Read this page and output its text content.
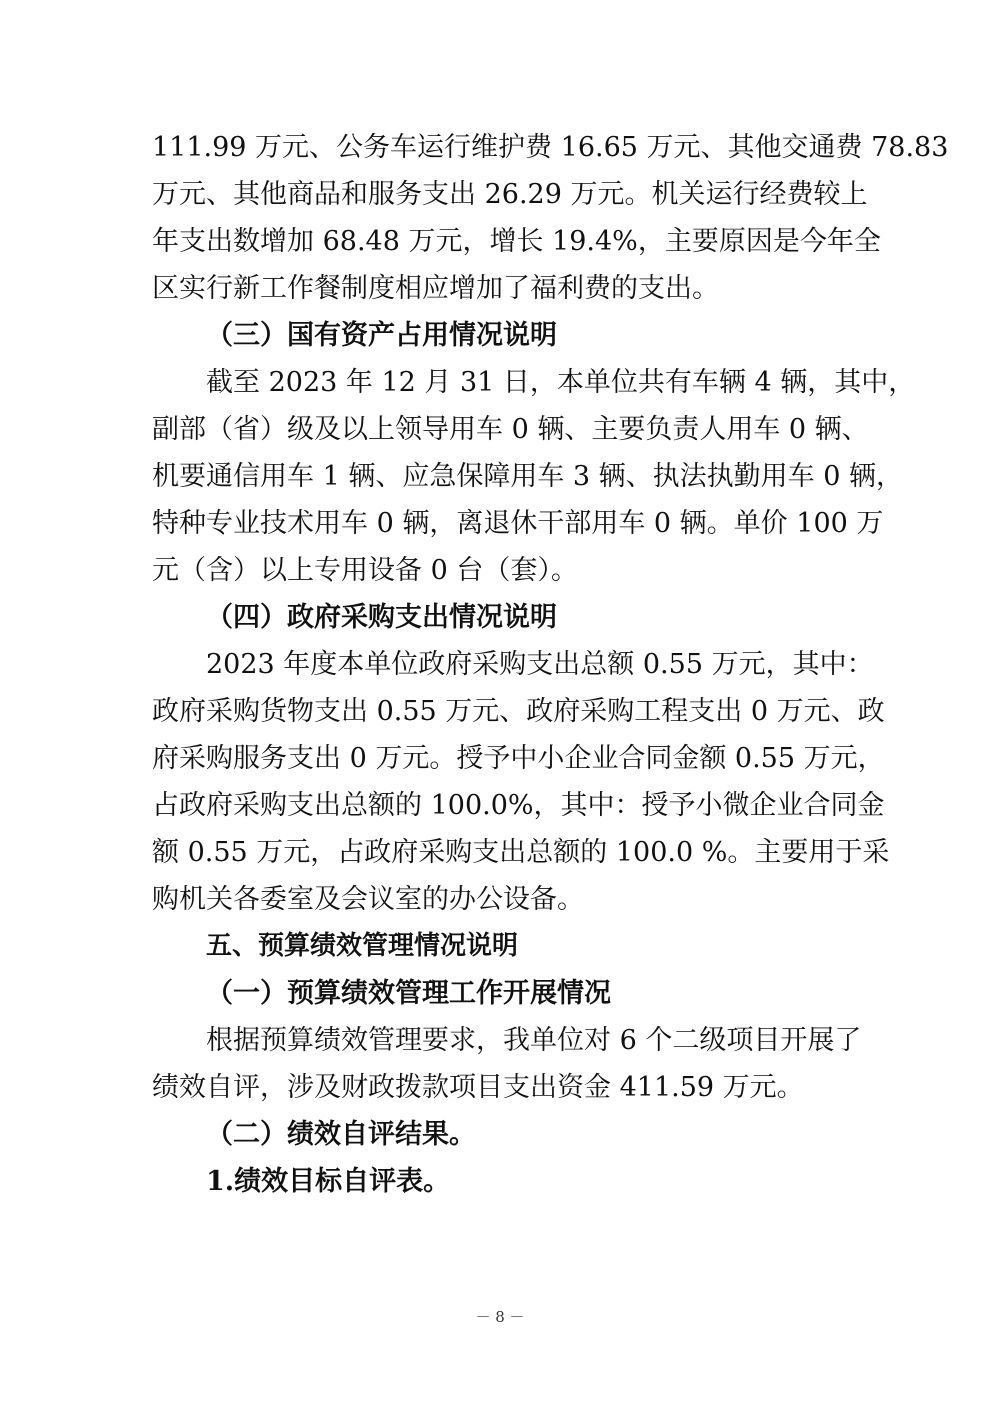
111.99 万元、公务车运行维护费 16.65 万元、其他交通费 78.83
万元、其他商品和服务支出 26.29 万元。机关运行经费较上
年支出数增加 68.48 万元，增长 19.4%，主要原因是今年全
区实行新工作餐制度相应增加了福利费的支出。
（三）国有资产占用情况说明
截至 2023 年 12 月 31 日，本单位共有车辆 4 辆，其中，
副部（省）级及以上领导用车 0 辆、主要负责人用车 0 辆、
机要通信用车 1 辆、应急保障用车 3 辆、执法执勤用车 0 辆，
特种专业技术用车 0 辆，离退休干部用车 0 辆。单价 100 万
元（含）以上专用设备 0 台（套）。
（四）政府采购支出情况说明
2023 年度本单位政府采购支出总额 0.55 万元，其中：
政府采购货物支出 0.55 万元、政府采购工程支出 0 万元、政
府采购服务支出 0 万元。授予中小企业合同金额 0.55 万元，
占政府采购支出总额的 100.0%，其中：授予小微企业合同金
额 0.55 万元，占政府采购支出总额的 100.0 %。主要用于采
购机关各委室及会议室的办公设备。
五、预算绩效管理情况说明
（一）预算绩效管理工作开展情况
根据预算绩效管理要求，我单位对 6 个二级项目开展了
绩效自评，涉及财政拨款项目支出资金 411.59 万元。
（二）绩效自评结果。
1.绩效目标自评表。
－ 8 －
